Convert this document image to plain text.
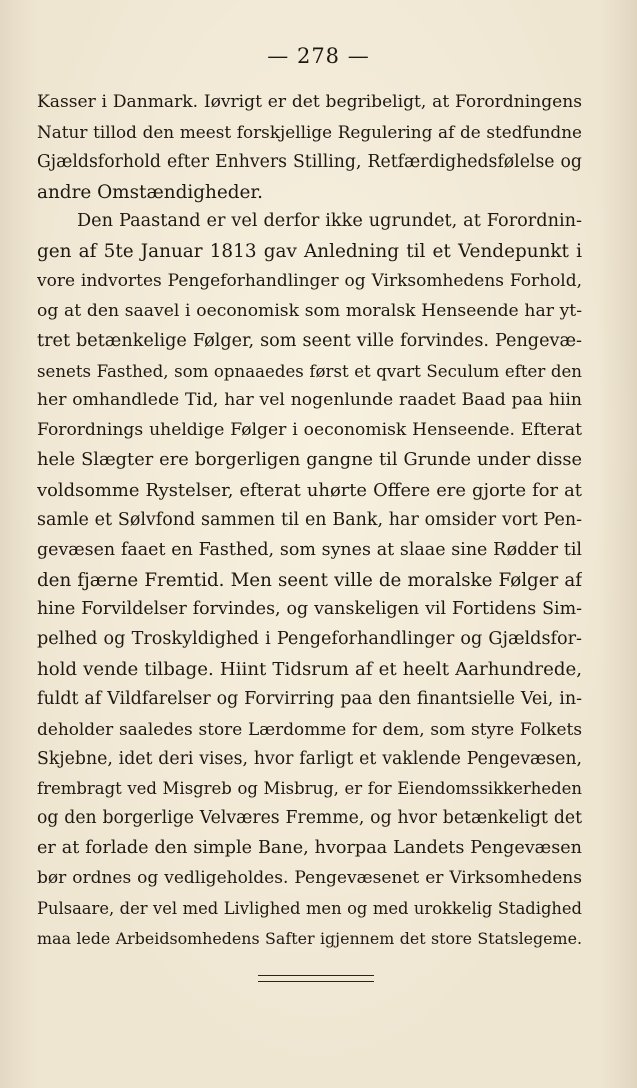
— 278 —
Kasser i Danmark. Iøvrigt er det begribeligt, at Forordningens
Natur tillod den meest forskjellige Regulering af de stedfundne
Gjældsforhold efter Enhvers Stilling, Retfærdighedsfølelse og
andre Omstændigheder.
Den Paastand er vel derfor ikke ugrundet, at Forordnin-
gen af 5te Januar 1813 gav Anledning til et Vendepunkt i
vore indvortes Pengeforhandlinger og Virksomhedens Forhold,
og at den saavel i oeconomisk som moralsk Henseende har yt-
tret betænkelige Følger, som seent ville forvindes. Pengevæ-
senets Fasthed, som opnaaedes først et qvart Seculum efter den
her omhandlede Tid, har vel nogenlunde raadet Baad paa hiin
Forordnings uheldige Følger i oeconomisk Henseende. Efterat
hele Slægter ere borgerligen gangne til Grunde under disse
voldsomme Rystelser, efterat uhørte Offere ere gjorte for at
samle et Sølvfond sammen til en Bank, har omsider vort Pen-
gevæsen faaet en Fasthed, som synes at slaae sine Rødder til
den fjærne Fremtid. Men seent ville de moralske Følger af
hine Forvildelser forvindes, og vanskeligen vil Fortidens Sim-
pelhed og Troskyldighed i Pengeforhandlinger og Gjældsfor-
hold vende tilbage. Hiint Tidsrum af et heelt Aarhundrede,
fuldt af Vildfarelser og Forvirring paa den finantsielle Vei, in-
deholder saaledes store Lærdomme for dem, som styre Folkets
Skjebne, idet deri vises, hvor farligt et vaklende Pengevæsen,
frembragt ved Misgreb og Misbrug, er for Eiendomssikkerheden
og den borgerlige Velværes Fremme, og hvor betænkeligt det
er at forlade den simple Bane, hvorpaa Landets Pengevæsen
bør ordnes og vedligeholdes. Pengevæsenet er Virksomhedens
Pulsaare, der vel med Livlighed men og med urokkelig Stadighed
maa lede Arbeidsomhedens Safter igjennem det store Statslegeme.
